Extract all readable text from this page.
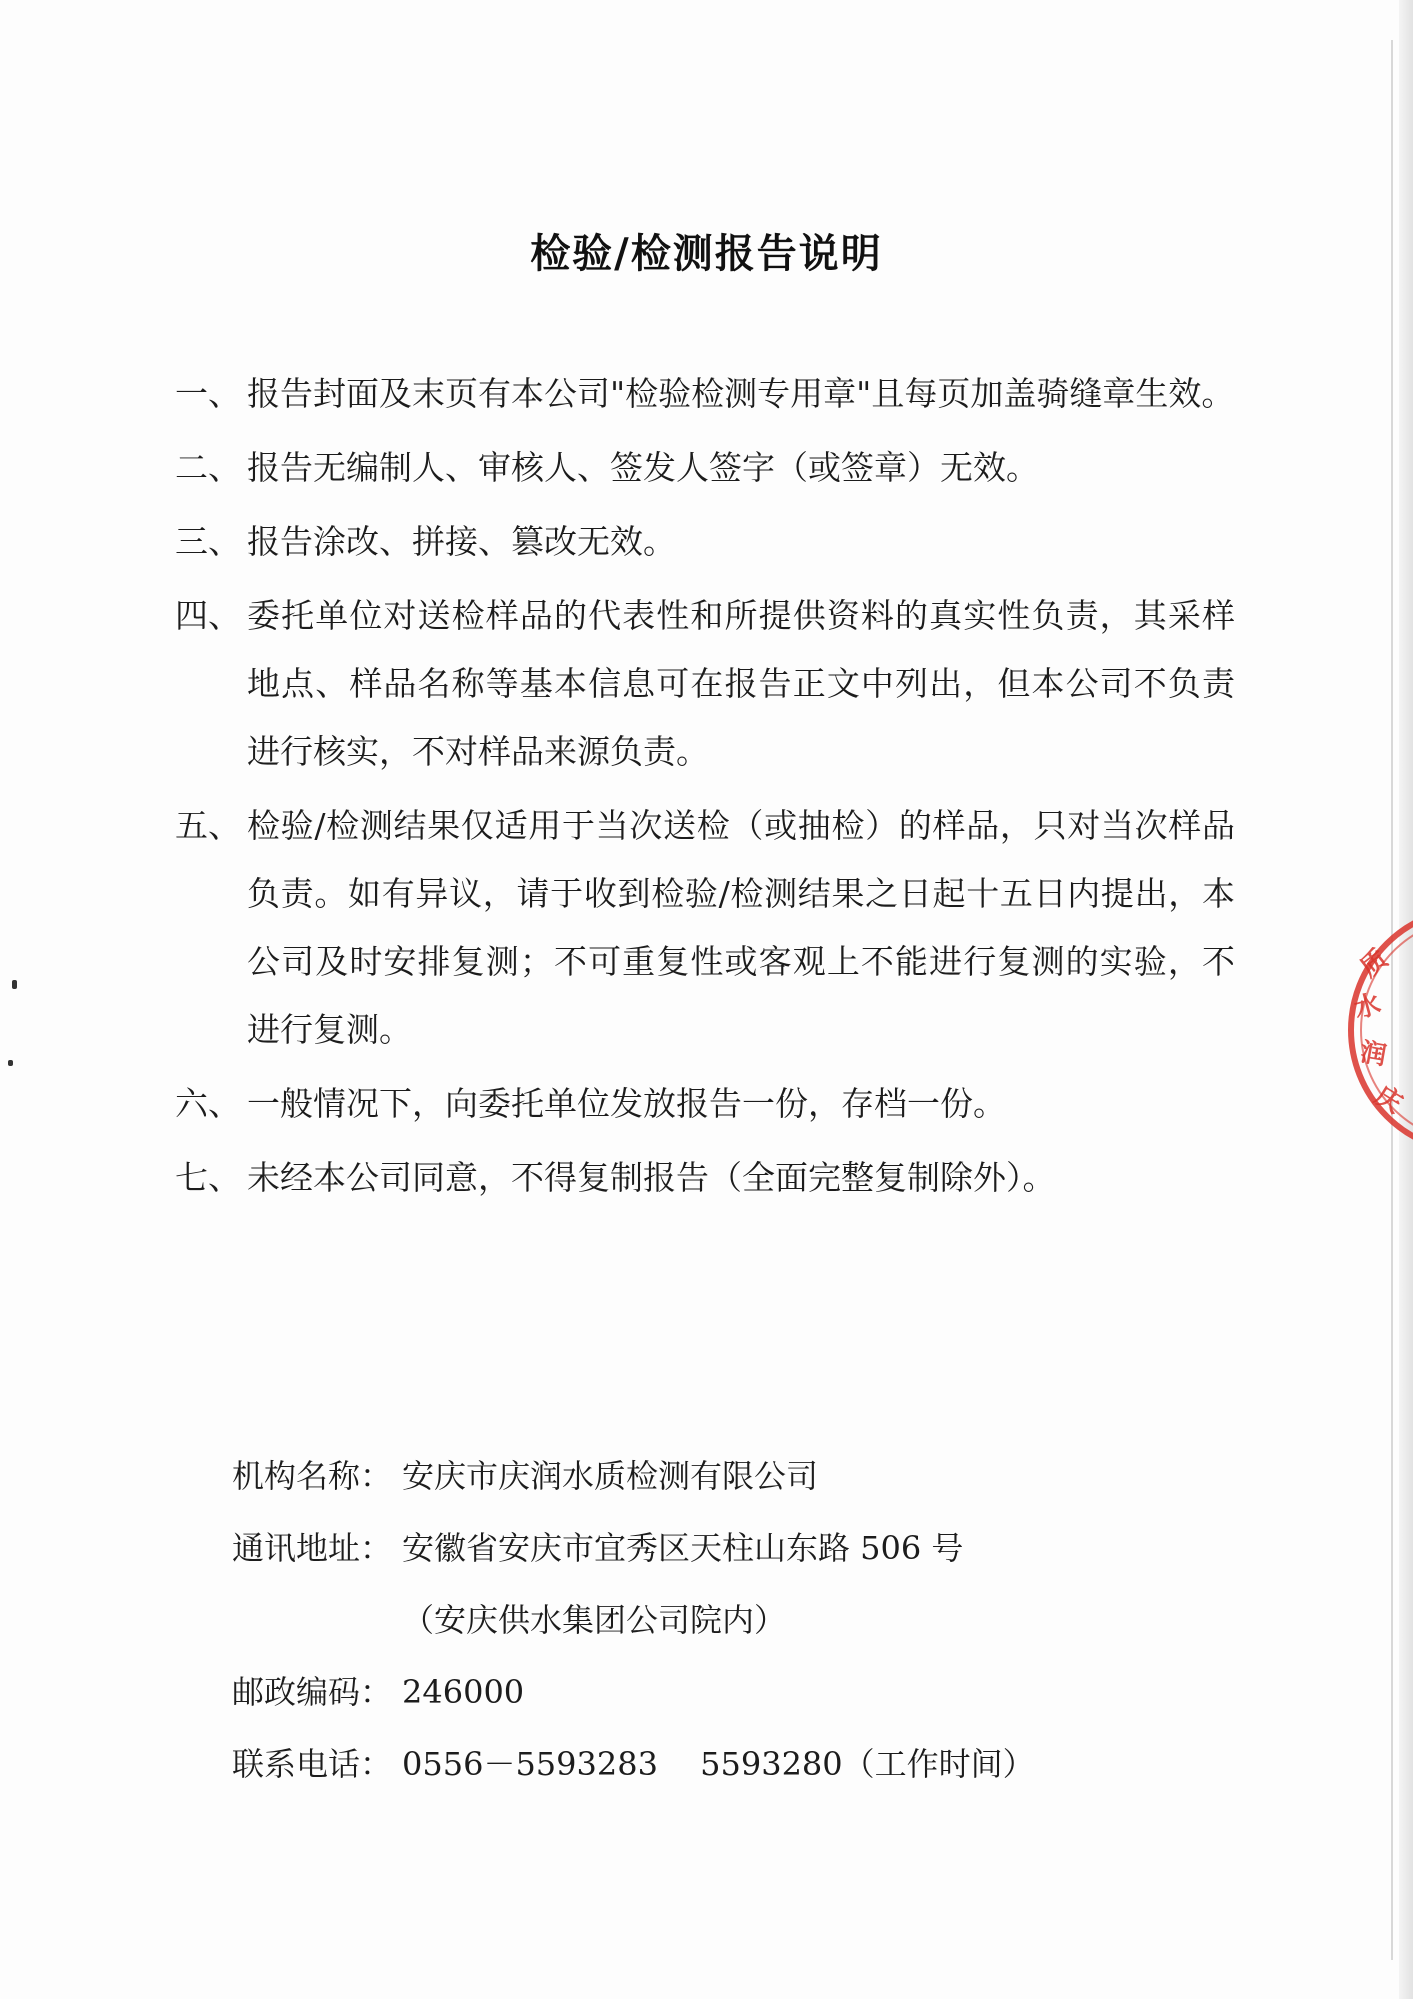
检验/检测报告说明
一、 报告封面及末页有本公司"检验检测专用章"且每页加盖骑缝章生效。
二、 报告无编制人、审核人、签发人签字（或签章）无效。
三、 报告涂改、拼接、篡改无效。
四、 委托单位对送检样品的代表性和所提供资料的真实性负责，其采样地点、样品名称等基本信息可在报告正文中列出，但本公司不负责进行核实，不对样品来源负责。
五、 检验/检测结果仅适用于当次送检（或抽检）的样品，只对当次样品负责。如有异议，请于收到检验/检测结果之日起十五日内提出，本公司及时安排复测；不可重复性或客观上不能进行复测的实验，不进行复测。
六、 一般情况下，向委托单位发放报告一份，存档一份。
七、 未经本公司同意，不得复制报告（全面完整复制除外）。
机构名称： 安庆市庆润水质检测有限公司
通讯地址： 安徽省安庆市宜秀区天柱山东路 506 号
（安庆供水集团公司院内）
邮政编码： 246000
联系电话： 0556－5593283　 5593280（工作时间）
质
水
润
庆
